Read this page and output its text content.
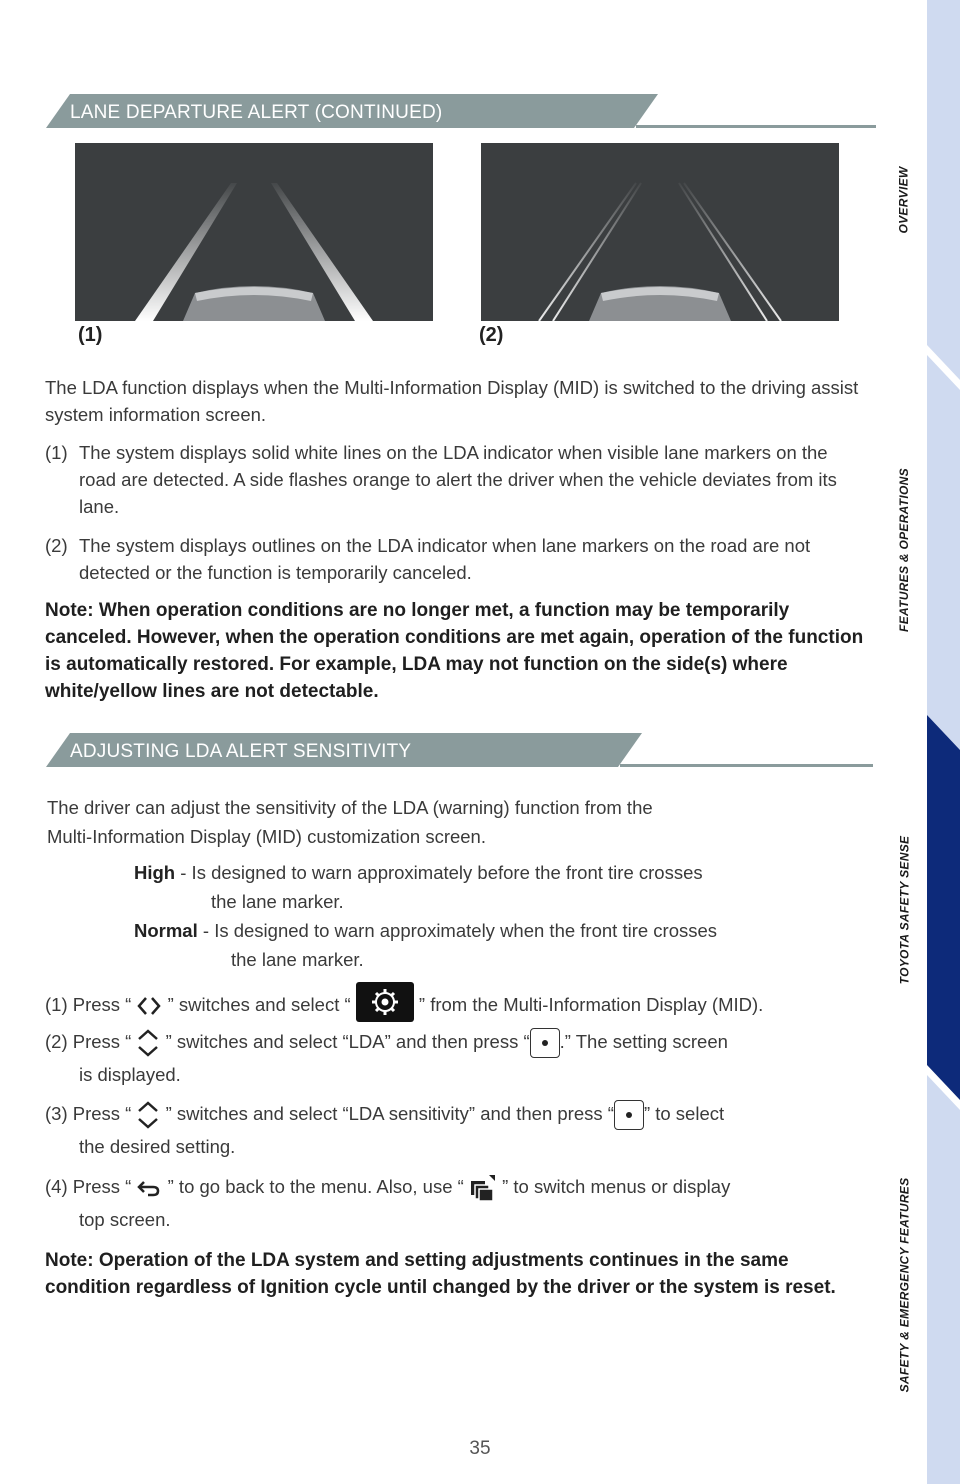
OVERVIEW
FEATURES & OPERATIONS
TOYOTA SAFETY SENSE
SAFETY & EMERGENCY FEATURES
LANE DEPARTURE ALERT (CONTINUED)
(1)	(2)
The LDA function displays when the Multi-Information Display (MID) is switched to the driving assist system information screen.
(1) The system displays solid white lines on the LDA indicator when visible lane markers on the road are detected. A side flashes orange to alert the driver when the vehicle deviates from its lane.
(2) The system displays outlines on the LDA indicator when lane markers on the road are not detected or the function is temporarily canceled.
Note: When operation conditions are no longer met, a function may be temporarily canceled. However, when the operation conditions are met again, operation of the function is automatically restored. For example, LDA may not function on the side(s) where white/yellow lines are not detectable.
ADJUSTING LDA ALERT SENSITIVITY
The driver can adjust the sensitivity of the LDA (warning) function from the
Multi-Information Display (MID) customization screen.
High - Is designed to warn approximately before the front tire crosses
the lane marker.
Normal - Is designed to warn approximately when the front tire crosses
the lane marker.
(1) Press “ ” switches and select “	” from the Multi-Information Display (MID).
(2) Press “ ” switches and select “LDA” and then press “ .” The setting screen
is displayed.
(3) Press “ ” switches and select “LDA sensitivity” and then press “ ” to select
the desired setting.
(4) Press “ ” to go back to the menu. Also, use “ ” to switch menus or display
top screen.
Note: Operation of the LDA system and setting adjustments continues in the same condition regardless of Ignition cycle until changed by the driver or the system is reset.
35
